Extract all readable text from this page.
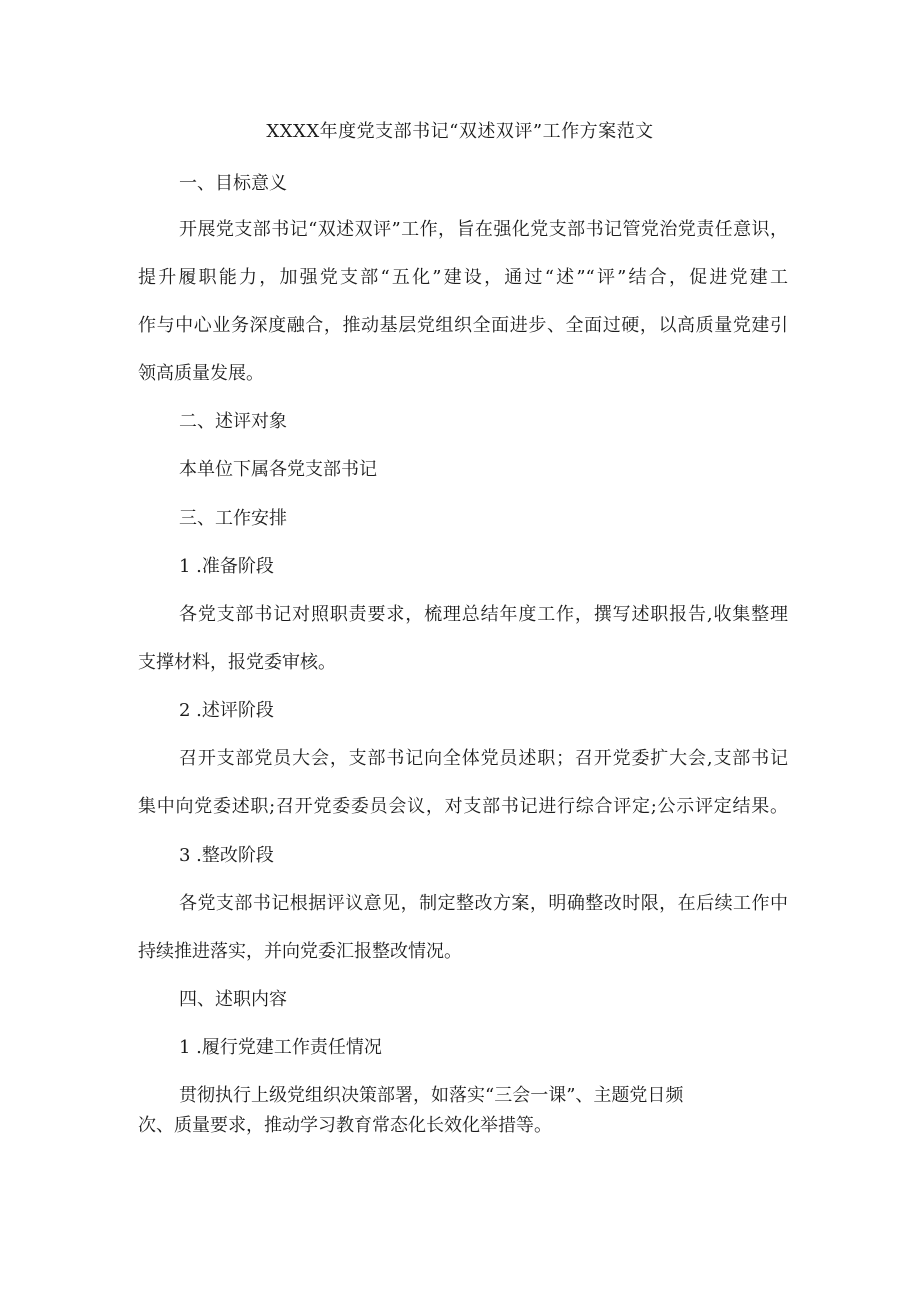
XXXX年度党支部书记“双述双评”工作方案范文
一、目标意义
开展党支部书记“双述双评”工作，旨在强化党支部书记管党治党责任意识，
提升履职能力，加强党支部“五化”建设，通过“述”“评”结合，促进党建工
作与中心业务深度融合，推动基层党组织全面进步、全面过硬，以高质量党建引
领高质量发展。
二、述评对象
本单位下属各党支部书记
三、工作安排
1 .准备阶段
各党支部书记对照职责要求，梳理总结年度工作，撰写述职报告,收集整理
支撑材料，报党委审核。
2 .述评阶段
召开支部党员大会，支部书记向全体党员述职；召开党委扩大会,支部书记
集中向党委述职;召开党委委员会议，对支部书记进行综合评定;公示评定结果。
3 .整改阶段
各党支部书记根据评议意见，制定整改方案，明确整改时限，在后续工作中
持续推进落实，并向党委汇报整改情况。
四、述职内容
1 .履行党建工作责任情况
贯彻执行上级党组织决策部署，如落实“三会一课”、主题党日频
次、质量要求，推动学习教育常态化长效化举措等。
